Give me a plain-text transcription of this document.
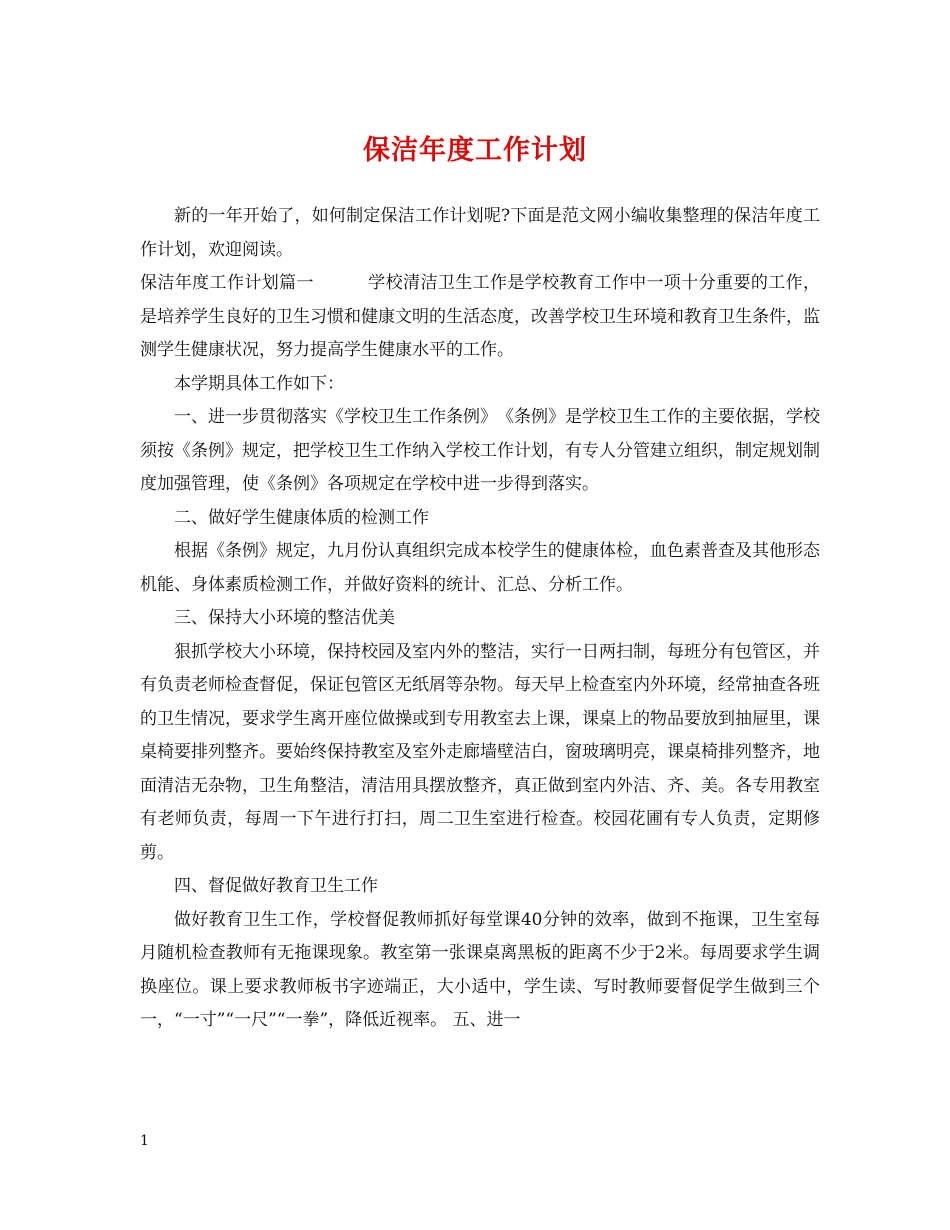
保洁年度工作计划

新的一年开始了，如何制定保洁工作计划呢?下面是范文网小编收集整理的保洁年度工作计划，欢迎阅读。

保洁年度工作计划篇一	学校清洁卫生工作是学校教育工作中一项十分重要的工作，是培养学生良好的卫生习惯和健康文明的生活态度，改善学校卫生环境和教育卫生条件，监测学生健康状况，努力提高学生健康水平的工作。

本学期具体工作如下：

一、进一步贯彻落实《学校卫生工作条例》　《条例》是学校卫生工作的主要依据，学校须按《条例》规定，把学校卫生工作纳入学校工作计划，有专人分管建立组织，制定规划制度加强管理，使《条例》各项规定在学校中进一步得到落实。

二、做好学生健康体质的检测工作

根据《条例》规定，九月份认真组织完成本校学生的健康体检，血色素普查及其他形态机能、身体素质检测工作，并做好资料的统计、汇总、分析工作。

三、保持大小环境的整洁优美

狠抓学校大小环境，保持校园及室内外的整洁，实行一日两扫制，每班分有包管区，并有负责老师检查督促，保证包管区无纸屑等杂物。每天早上检查室内外环境，经常抽查各班的卫生情况，要求学生离开座位做操或到专用教室去上课，课桌上的物品要放到抽屉里，课桌椅要排列整齐。要始终保持教室及室外走廊墙壁洁白，窗玻璃明亮，课桌椅排列整齐，地面清洁无杂物，卫生角整洁，清洁用具摆放整齐，真正做到室内外洁、齐、美。各专用教室有老师负责，每周一下午进行打扫，周二卫生室进行检查。校园花圃有专人负责，定期修剪。

四、督促做好教育卫生工作

做好教育卫生工作，学校督促教师抓好每堂课40分钟的效率，做到不拖课，卫生室每月随机检查教师有无拖课现象。教室第一张课桌离黑板的距离不少于2米。每周要求学生调换座位。课上要求教师板书字迹端正，大小适中，学生读、写时教师要督促学生做到三个一，“一寸”“一尺”“一拳”，降低近视率。 五、进一

1
